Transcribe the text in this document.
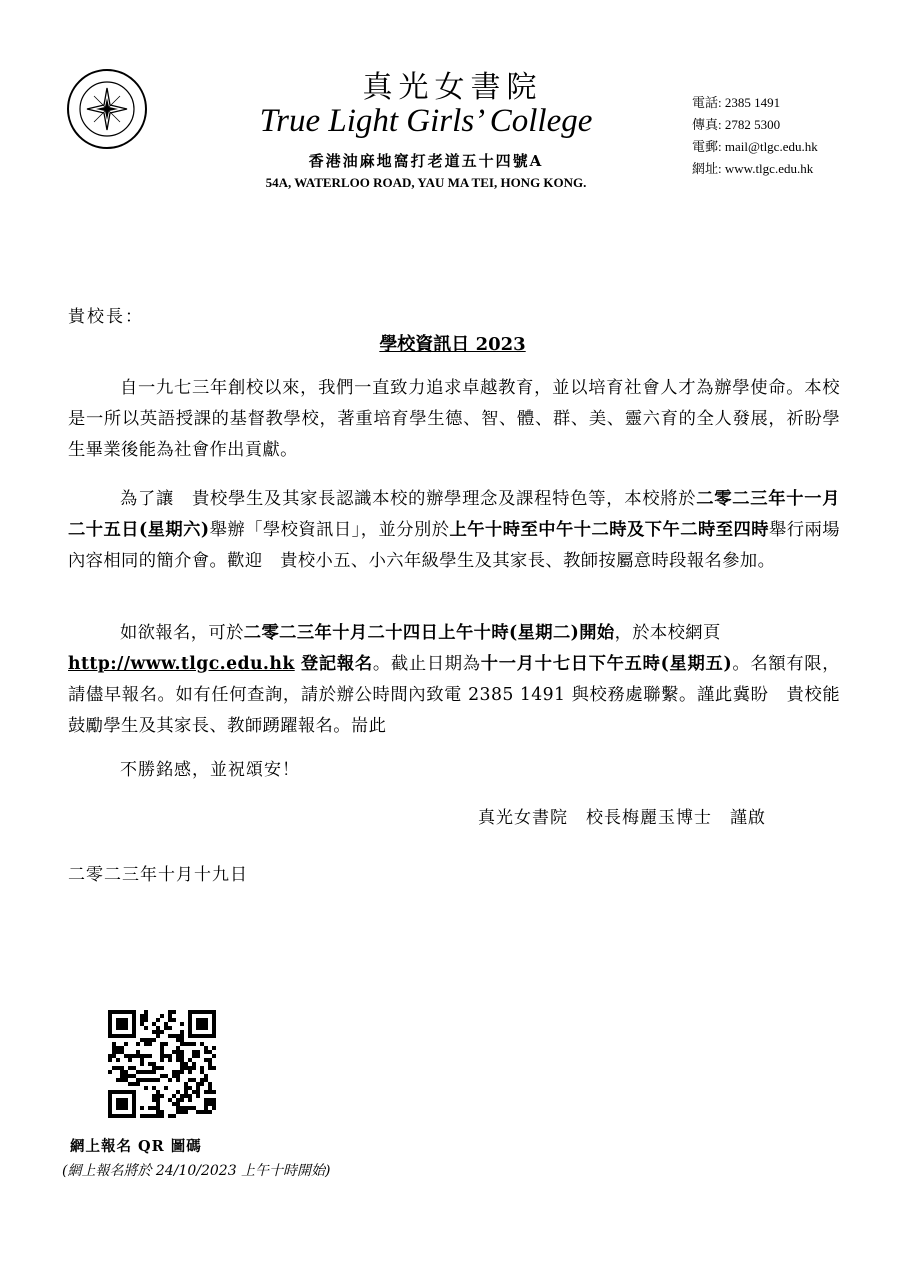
真光女書院
True Light Girls’ College
香港油麻地窩打老道五十四號A
54A, WATERLOO ROAD, YAU MA TEI, HONG KONG.
電話: 2385 1491
傳真: 2782 5300
電郵: mail@tlgc.edu.hk
網址: www.tlgc.edu.hk
貴校長：
學校資訊日 2023
自一九七三年創校以來，我們一直致力追求卓越教育，並以培育社會人才為辦學使命。本校是一所以英語授課的基督教學校，著重培育學生德、智、體、群、美、靈六育的全人發展，祈盼學生畢業後能為社會作出貢獻。
為了讓　貴校學生及其家長認識本校的辦學理念及課程特色等，本校將於二零二三年十一月二十五日(星期六)舉辦「學校資訊日」，並分別於上午十時至中午十二時及下午二時至四時舉行兩場內容相同的簡介會。歡迎　貴校小五、小六年級學生及其家長、教師按屬意時段報名參加。
如欲報名，可於二零二三年十月二十四日上午十時(星期二)開始，於本校網頁
http://www.tlgc.edu.hk 登記報名。截止日期為十一月十七日下午五時(星期五)。名額有限，請儘早報名。如有任何查詢，請於辦公時間內致電 2385 1491 與校務處聯繫。謹此冀盼　貴校能鼓勵學生及其家長、教師踴躍報名。耑此
不勝銘感，並祝頌安！
真光女書院　校長梅麗玉博士　謹啟
二零二三年十月十九日
網上報名 QR 圖碼
(網上報名將於 24/10/2023 上午十時開始)
